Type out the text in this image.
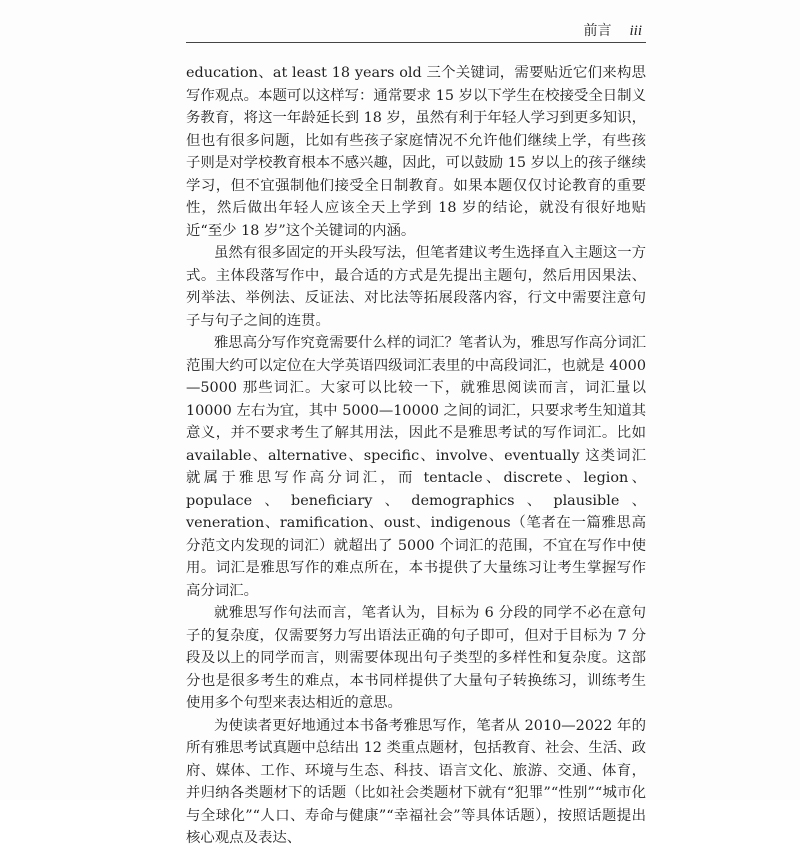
前言 iii

education、at least 18 years old 三个关键词，需要贴近它们来构思写作观点。本题可以这样写：通常要求 15 岁以下学生在校接受全日制义务教育，将这一年龄延长到 18 岁，虽然有利于年轻人学习到更多知识，但也有很多问题，比如有些孩子家庭情况不允许他们继续上学，有些孩子则是对学校教育根本不感兴趣，因此，可以鼓励 15 岁以上的孩子继续学习，但不宜强制他们接受全日制教育。如果本题仅仅讨论教育的重要性，然后做出年轻人应该全天上学到 18 岁的结论，就没有很好地贴近“至少 18 岁”这个关键词的内涵。

虽然有很多固定的开头段写法，但笔者建议考生选择直入主题这一方式。主体段落写作中，最合适的方式是先提出主题句，然后用因果法、列举法、举例法、反证法、对比法等拓展段落内容，行文中需要注意句子与句子之间的连贯。

雅思高分写作究竟需要什么样的词汇？笔者认为，雅思写作高分词汇范围大约可以定位在大学英语四级词汇表里的中高段词汇，也就是 4000—5000 那些词汇。大家可以比较一下，就雅思阅读而言，词汇量以 10000 左右为宜，其中 5000—10000 之间的词汇，只要求考生知道其意义，并不要求考生了解其用法，因此不是雅思考试的写作词汇。比如 available、alternative、specific、involve、eventually 这类词汇就属于雅思写作高分词汇，而 tentacle、discrete、legion、populace、beneficiary、demographics、plausible、veneration、ramification、oust、indigenous（笔者在一篇雅思高分范文内发现的词汇）就超出了 5000 个词汇的范围，不宜在写作中使用。词汇是雅思写作的难点所在，本书提供了大量练习让考生掌握写作高分词汇。

就雅思写作句法而言，笔者认为，目标为 6 分段的同学不必在意句子的复杂度，仅需要努力写出语法正确的句子即可，但对于目标为 7 分段及以上的同学而言，则需要体现出句子类型的多样性和复杂度。这部分也是很多考生的难点，本书同样提供了大量句子转换练习，训练考生使用多个句型来表达相近的意思。

为使读者更好地通过本书备考雅思写作，笔者从 2010—2022 年的所有雅思考试真题中总结出 12 类重点题材，包括教育、社会、生活、政府、媒体、工作、环境与生态、科技、语言文化、旅游、交通、体育，并归纳各类题材下的话题（比如社会类题材下就有“犯罪”“性别”“城市化与全球化”“人口、寿命与健康”“幸福社会”等具体话题），按照话题提出核心观点及表达、
